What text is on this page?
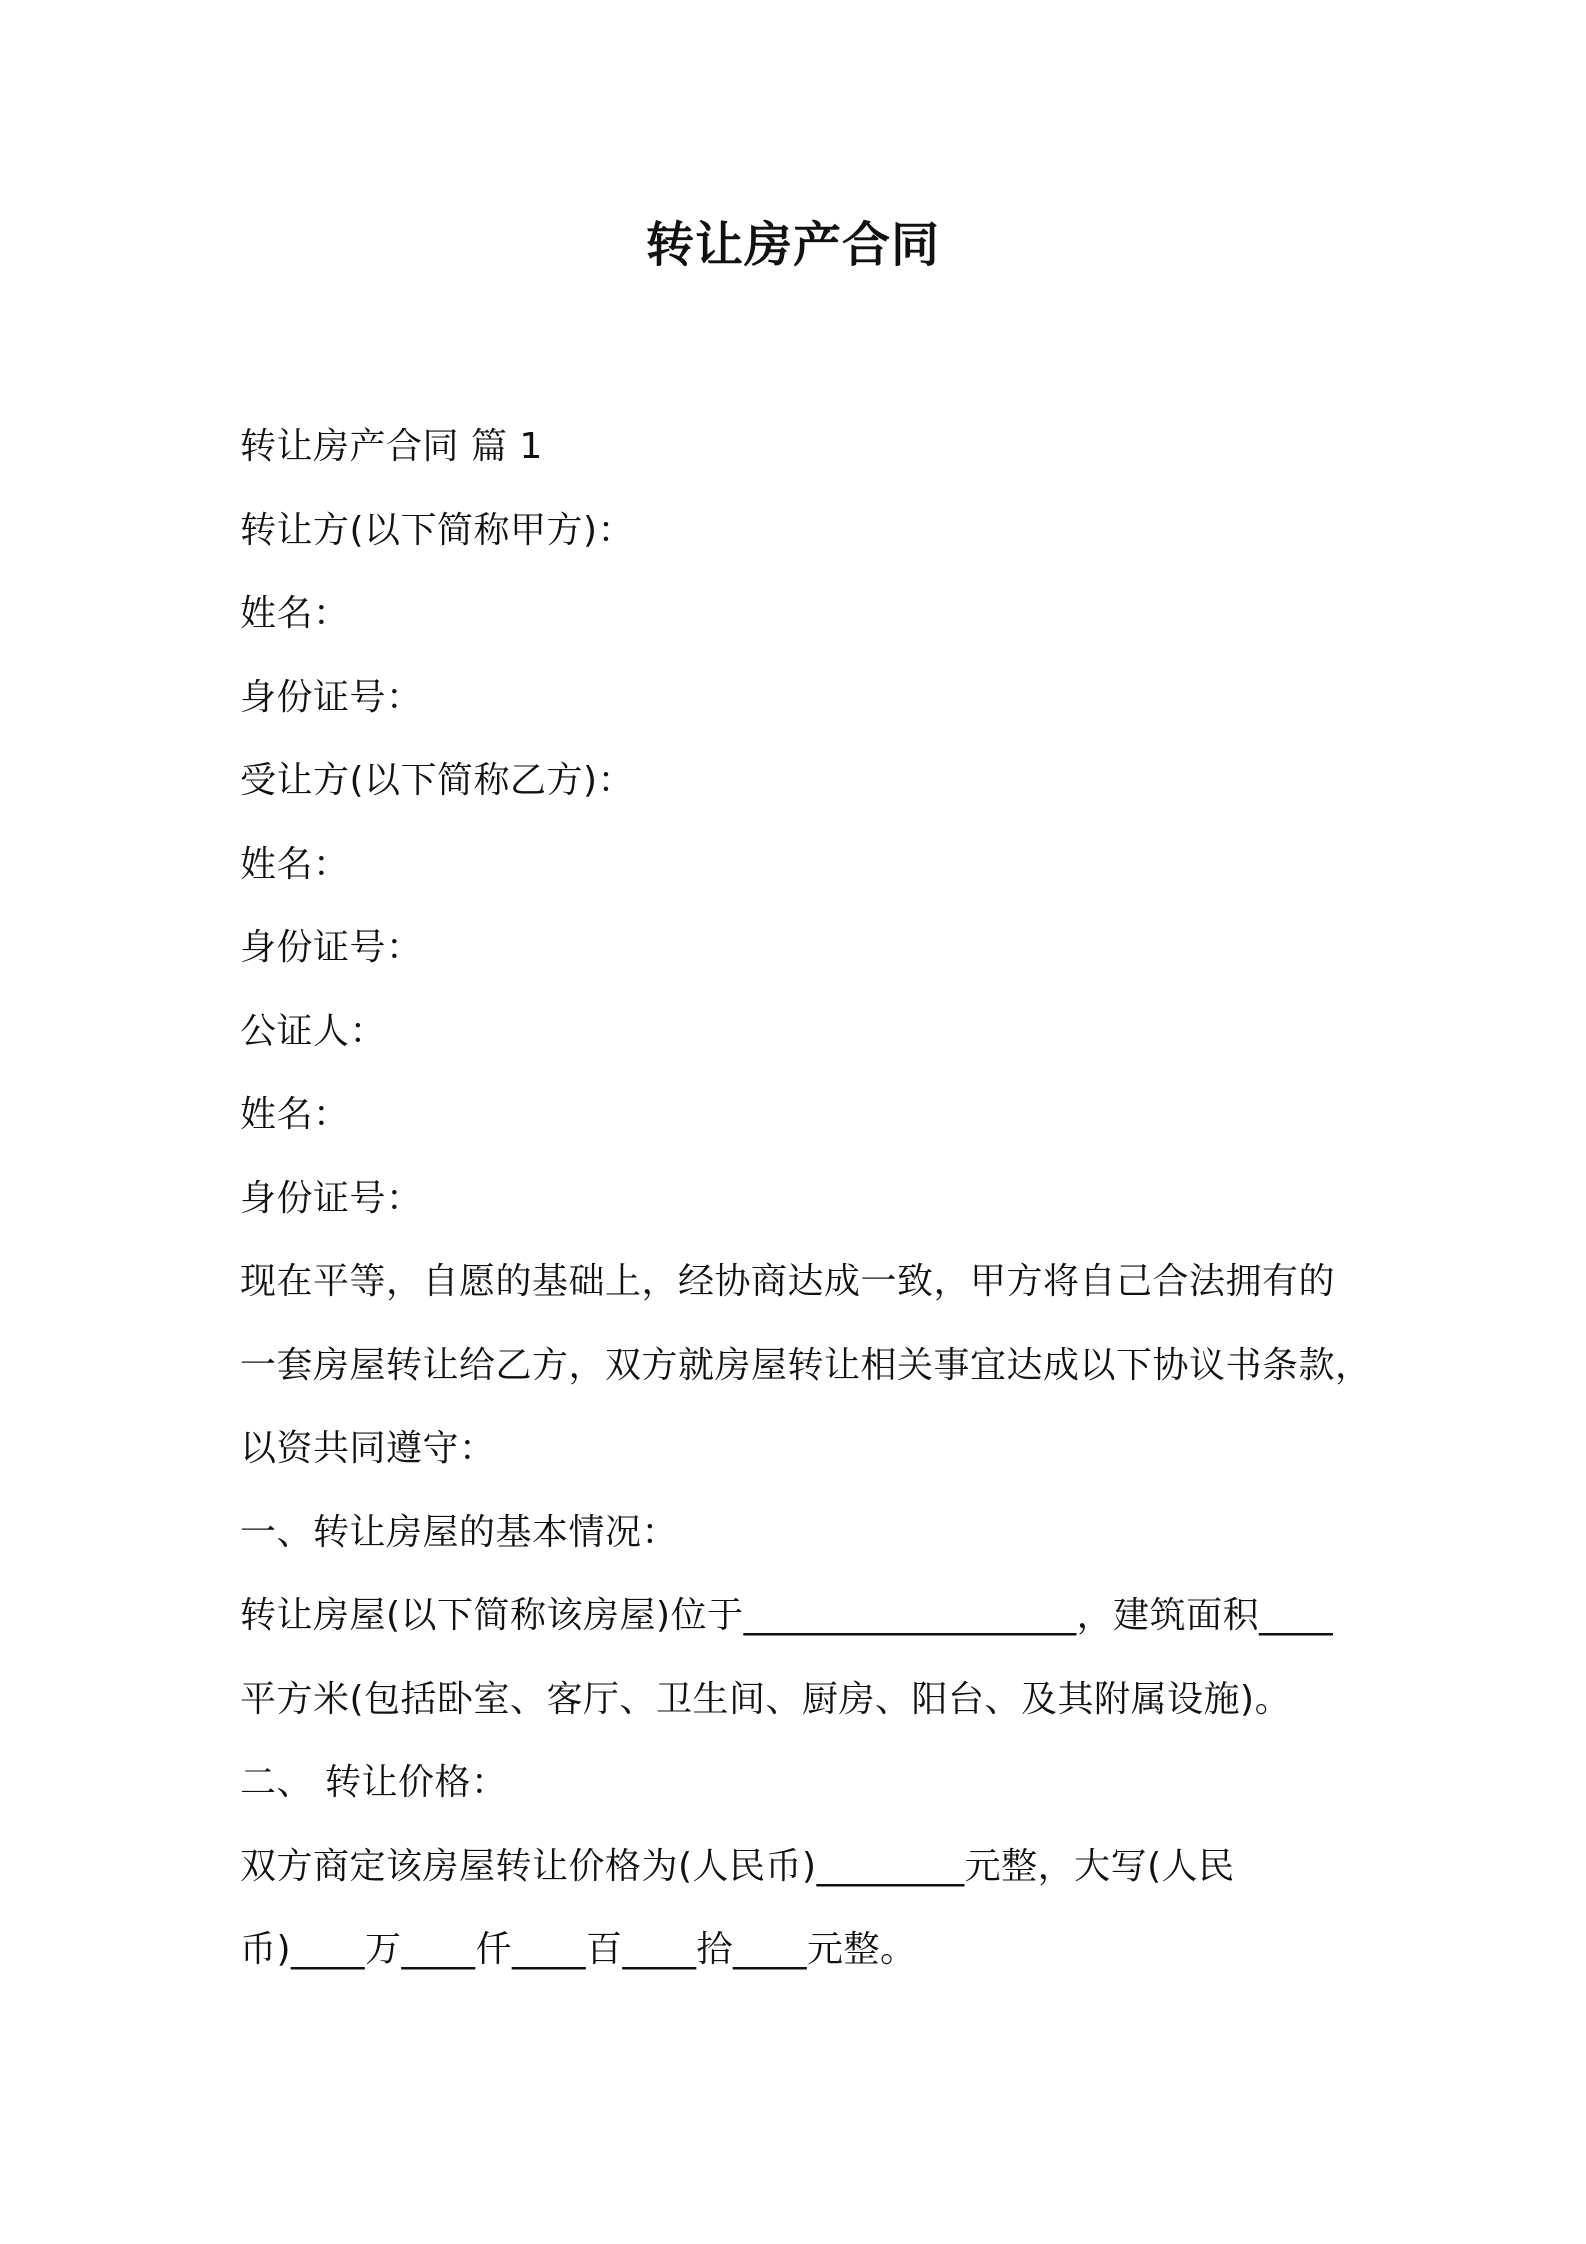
转让房产合同
转让房产合同 篇 1
转让方(以下简称甲方)：
姓名：
身份证号：
受让方(以下简称乙方)：
姓名：
身份证号：
公证人：
姓名：
身份证号：
现在平等，自愿的基础上，经协商达成一致，甲方将自己合法拥有的
一套房屋转让给乙方，双方就房屋转让相关事宜达成以下协议书条款，
以资共同遵守：
一、转让房屋的基本情况：
转让房屋(以下简称该房屋)位于__________________，建筑面积____
平方米(包括卧室、客厅、卫生间、厨房、阳台、及其附属设施)。
二、 转让价格：
双方商定该房屋转让价格为(人民币)________元整，大写(人民
币)____万____仟____百____拾____元整。
